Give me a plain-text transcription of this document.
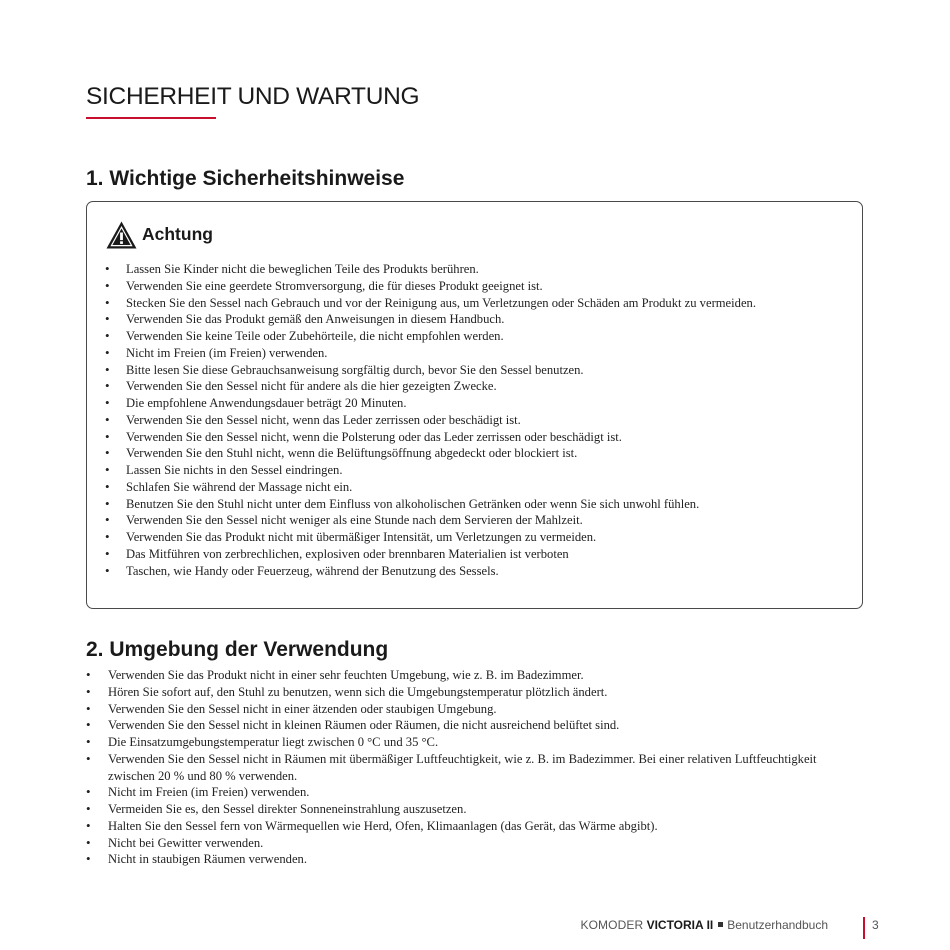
SICHERHEIT UND WARTUNG
1. Wichtige Sicherheitshinweise
Achtung
• Lassen Sie Kinder nicht die beweglichen Teile des Produkts berühren.
• Verwenden Sie eine geerdete Stromversorgung, die für dieses Produkt geeignet ist.
• Stecken Sie den Sessel nach Gebrauch und vor der Reinigung aus, um Verletzungen oder Schäden am Produkt zu vermeiden.
• Verwenden Sie das Produkt gemäß den Anweisungen in diesem Handbuch.
• Verwenden Sie keine Teile oder Zubehörteile, die nicht empfohlen werden.
• Nicht im Freien (im Freien) verwenden.
• Bitte lesen Sie diese Gebrauchsanweisung sorgfältig durch, bevor Sie den Sessel benutzen.
• Verwenden Sie den Sessel nicht für andere als die hier gezeigten Zwecke.
• Die empfohlene Anwendungsdauer beträgt 20 Minuten.
• Verwenden Sie den Sessel nicht, wenn das Leder zerrissen oder beschädigt ist.
• Verwenden Sie den Sessel nicht, wenn die Polsterung oder das Leder zerrissen oder beschädigt ist.
• Verwenden Sie den Stuhl nicht, wenn die Belüftungsöffnung abgedeckt oder blockiert ist.
• Lassen Sie nichts in den Sessel eindringen.
• Schlafen Sie während der Massage nicht ein.
• Benutzen Sie den Stuhl nicht unter dem Einfluss von alkoholischen Getränken oder wenn Sie sich unwohl fühlen.
• Verwenden Sie den Sessel nicht weniger als eine Stunde nach dem Servieren der Mahlzeit.
• Verwenden Sie das Produkt nicht mit übermäßiger Intensität, um Verletzungen zu vermeiden.
• Das Mitführen von zerbrechlichen, explosiven oder brennbaren Materialien ist verboten
• Taschen, wie Handy oder Feuerzeug, während der Benutzung des Sessels.
2. Umgebung der Verwendung
• Verwenden Sie das Produkt nicht in einer sehr feuchten Umgebung, wie z. B. im Badezimmer.
• Hören Sie sofort auf, den Stuhl zu benutzen, wenn sich die Umgebungstemperatur plötzlich ändert.
• Verwenden Sie den Sessel nicht in einer ätzenden oder staubigen Umgebung.
• Verwenden Sie den Sessel nicht in kleinen Räumen oder Räumen, die nicht ausreichend belüftet sind.
• Die Einsatzumgebungstemperatur liegt zwischen 0 °C und 35 °C.
• Verwenden Sie den Sessel nicht in Räumen mit übermäßiger Luftfeuchtigkeit, wie z. B. im Badezimmer. Bei einer relativen Luftfeuchtigkeit zwischen 20 % und 80 % verwenden.
• Nicht im Freien (im Freien) verwenden.
• Vermeiden Sie es, den Sessel direkter Sonneneinstrahlung auszusetzen.
• Halten Sie den Sessel fern von Wärmequellen wie Herd, Ofen, Klimaanlagen (das Gerät, das Wärme abgibt).
• Nicht bei Gewitter verwenden.
• Nicht in staubigen Räumen verwenden.
KOMODER VICTORIA II Benutzerhandbuch	3
